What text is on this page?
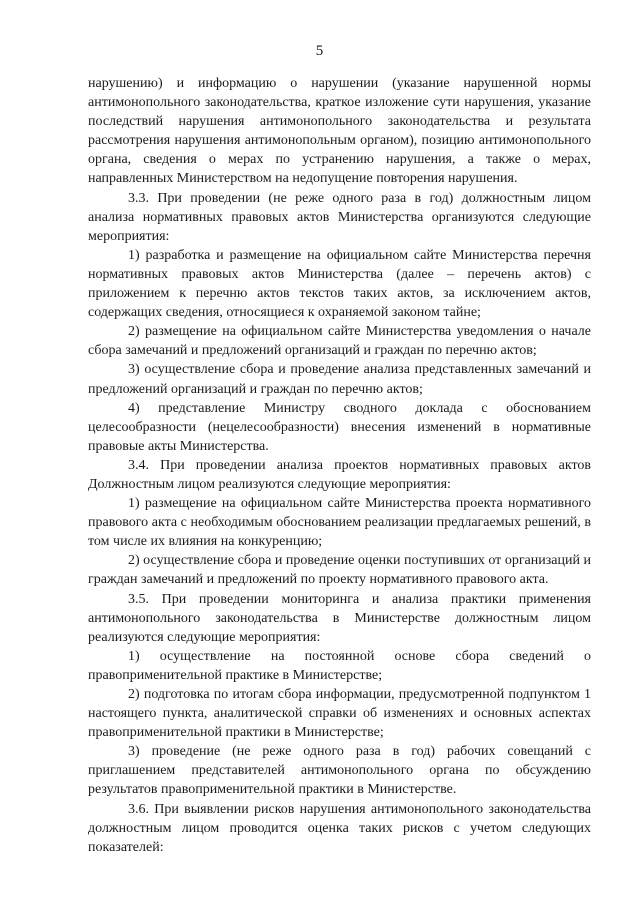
5

нарушению) и информацию о нарушении (указание нарушенной нормы антимонопольного законодательства, краткое изложение сути нарушения, указание последствий нарушения антимонопольного законодательства и результата рассмотрения нарушения антимонопольным органом), позицию антимонопольного органа, сведения о мерах по устранению нарушения, а также о мерах, направленных Министерством на недопущение повторения нарушения.

3.3. При проведении (не реже одного раза в год) должностным лицом анализа нормативных правовых актов Министерства организуются следующие мероприятия:

1) разработка и размещение на официальном сайте Министерства перечня нормативных правовых актов Министерства (далее – перечень актов) с приложением к перечню актов текстов таких актов, за исключением актов, содержащих сведения, относящиеся к охраняемой законом тайне;

2) размещение на официальном сайте Министерства уведомления о начале сбора замечаний и предложений организаций и граждан по перечню актов;

3) осуществление сбора и проведение анализа представленных замечаний и предложений организаций и граждан по перечню актов;

4) представление Министру сводного доклада с обоснованием целесообразности (нецелесообразности) внесения изменений в нормативные правовые акты Министерства.

3.4. При проведении анализа проектов нормативных правовых актов Должностным лицом реализуются следующие мероприятия:

1) размещение на официальном сайте Министерства проекта нормативного правового акта с необходимым обоснованием реализации предлагаемых решений, в том числе их влияния на конкуренцию;

2) осуществление сбора и проведение оценки поступивших от организаций и граждан замечаний и предложений по проекту нормативного правового акта.

3.5. При проведении мониторинга и анализа практики применения антимонопольного законодательства в Министерстве должностным лицом реализуются следующие мероприятия:

1) осуществление на постоянной основе сбора сведений о правоприменительной практике в Министерстве;

2) подготовка по итогам сбора информации, предусмотренной подпунктом 1 настоящего пункта, аналитической справки об изменениях и основных аспектах правоприменительной практики в Министерстве;

3) проведение (не реже одного раза в год) рабочих совещаний с приглашением представителей антимонопольного органа по обсуждению результатов правоприменительной практики в Министерстве.

3.6. При выявлении рисков нарушения антимонопольного законодательства должностным лицом проводится оценка таких рисков с учетом следующих показателей:
